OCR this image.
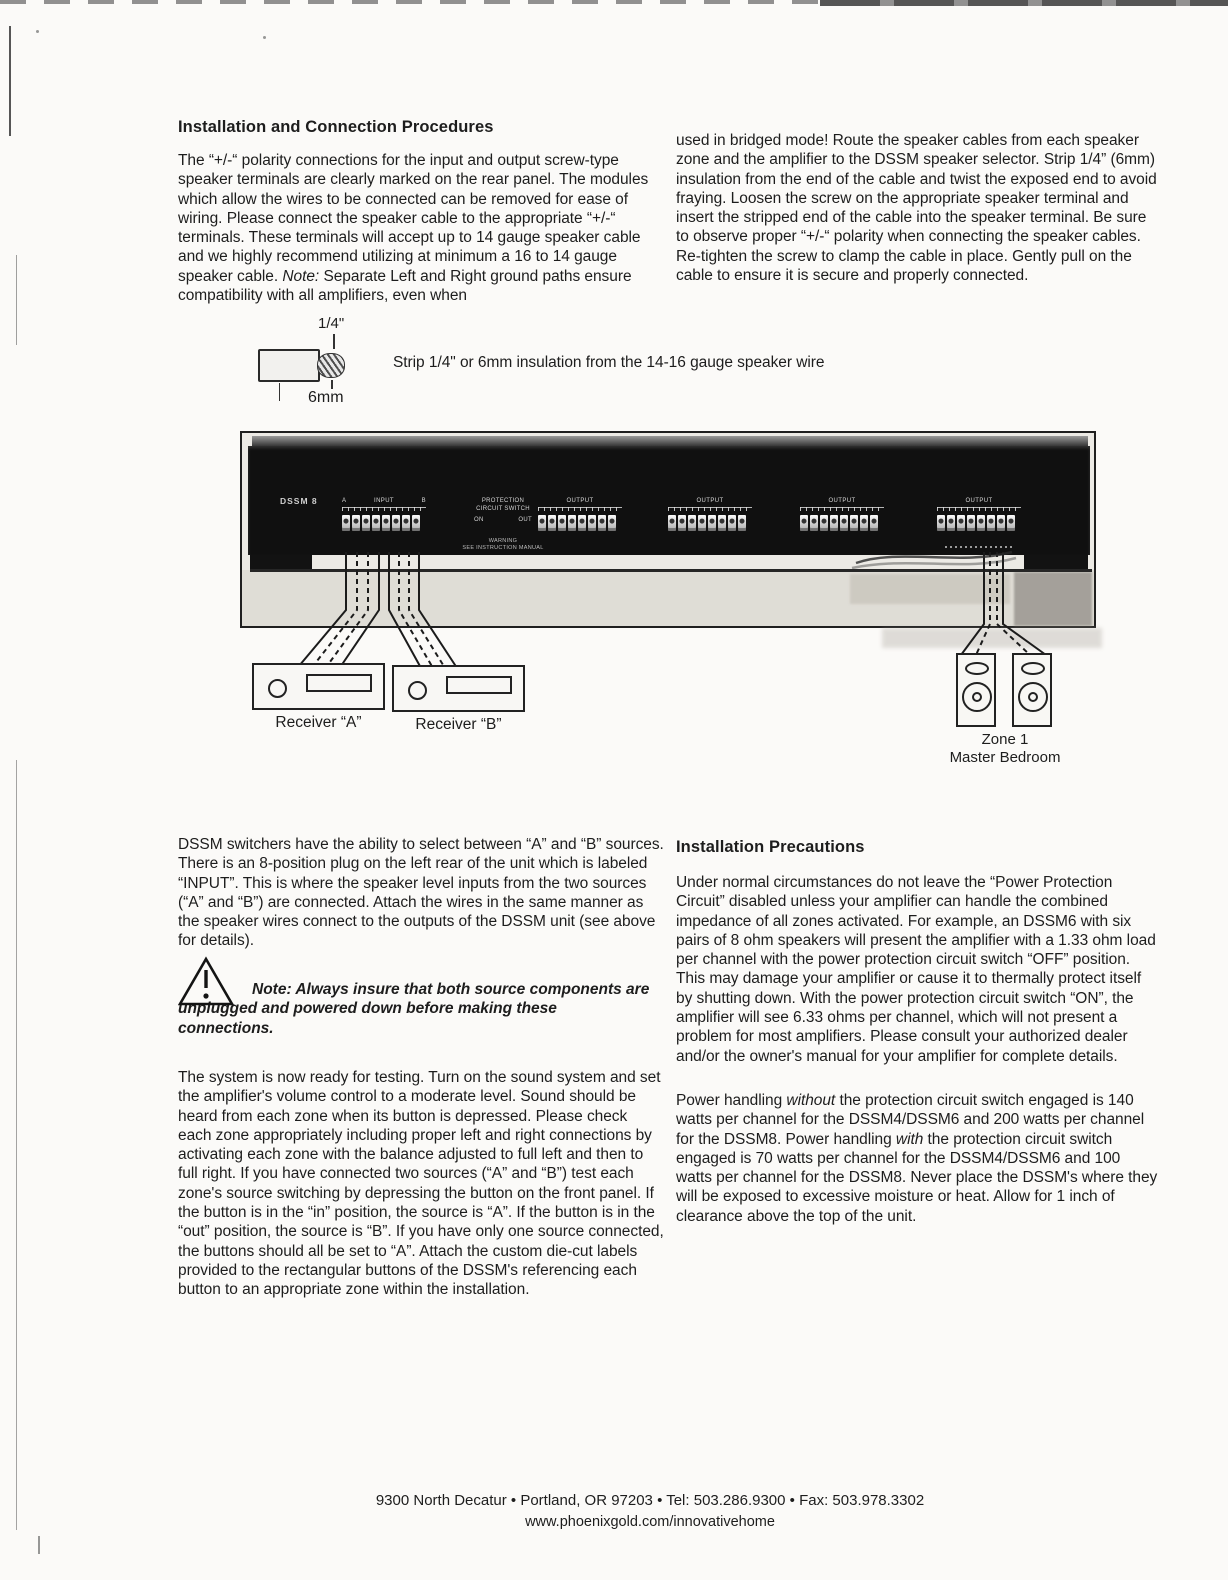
Installation and Connection Procedures

The “+/-“ polarity connections for the input and output screw-type speaker terminals are clearly marked on the rear panel. The modules which allow the wires to be connected can be removed for ease of wiring. Please connect the speaker cable to the appropriate “+/-“ terminals. These terminals will accept up to 14 gauge speaker cable and we highly recommend utilizing at minimum a 16 to 14 gauge speaker cable. Note: Separate Left and Right ground paths ensure compatibility with all amplifiers, even when

used in bridged mode! Route the speaker cables from each speaker zone and the amplifier to the DSSM speaker selector. Strip 1/4” (6mm) insulation from the end of the cable and twist the exposed end to avoid fraying. Loosen the screw on the appropriate speaker terminal and insert the stripped end of the cable into the speaker terminal. Be sure to observe proper “+/-“ polarity when connecting the speaker cables. Re-tighten the screw to clamp the cable in place. Gently pull on the cable to ensure it is secure and properly connected.

1/4"
6mm
Strip 1/4" or 6mm insulation from the 14-16 gauge speaker wire
DSSM 8	A	INPUT	B	PROTECTION
CIRCUIT SWITCH
ON	OUT
WARNING
SEE INSTRUCTION MANUAL
OUTPUT	OUTPUT	OUTPUT	OUTPUT
Receiver “A”	Receiver “B”
Zone 1
Master Bedroom

DSSM switchers have the ability to select between “A” and “B” sources. There is an 8-position plug on the left rear of the unit which is labeled “INPUT”. This is where the speaker level inputs from the two sources (“A” and “B”) are connected. Attach the wires in the same manner as the speaker wires connect to the outputs of the DSSM unit (see above for details).

Note: Always insure that both source components are unplugged and powered down before making these connections.

The system is now ready for testing. Turn on the sound system and set the amplifier's volume control to a moderate level. Sound should be heard from each zone when its button is depressed. Please check each zone appropriately including proper left and right connections by activating each zone with the balance adjusted to full left and then to full right. If you have connected two sources (“A” and “B”) test each zone's source switching by depressing the button on the front panel. If the button is in the “in” position, the source is “A”. If the button is in the “out” position, the source is “B”. If you have only one source connected, the buttons should all be set to “A”. Attach the custom die-cut labels provided to the rectangular buttons of the DSSM's referencing each button to an appropriate zone within the installation.

Installation Precautions

Under normal circumstances do not leave the “Power Protection Circuit” disabled unless your amplifier can handle the combined impedance of all zones activated. For example, an DSSM6 with six pairs of 8 ohm speakers will present the amplifier with a 1.33 ohm load per channel with the power protection circuit switch “OFF” position. This may damage your amplifier or cause it to thermally protect itself by shutting down. With the power protection circuit switch “ON”, the amplifier will see 6.33 ohms per channel, which will not present a problem for most amplifiers. Please consult your authorized dealer and/or the owner's manual for your amplifier for complete details.

Power handling without the protection circuit switch engaged is 140 watts per channel for the DSSM4/DSSM6 and 200 watts per channel for the DSSM8. Power handling with the protection circuit switch engaged is 70 watts per channel for the DSSM4/DSSM6 and 100 watts per channel for the DSSM8. Never place the DSSM's where they will be exposed to excessive moisture or heat. Allow for 1 inch of clearance above the top of the unit.

9300 North Decatur • Portland, OR 97203 • Tel: 503.286.9300 • Fax: 503.978.3302
www.phoenixgold.com/innovativehome
